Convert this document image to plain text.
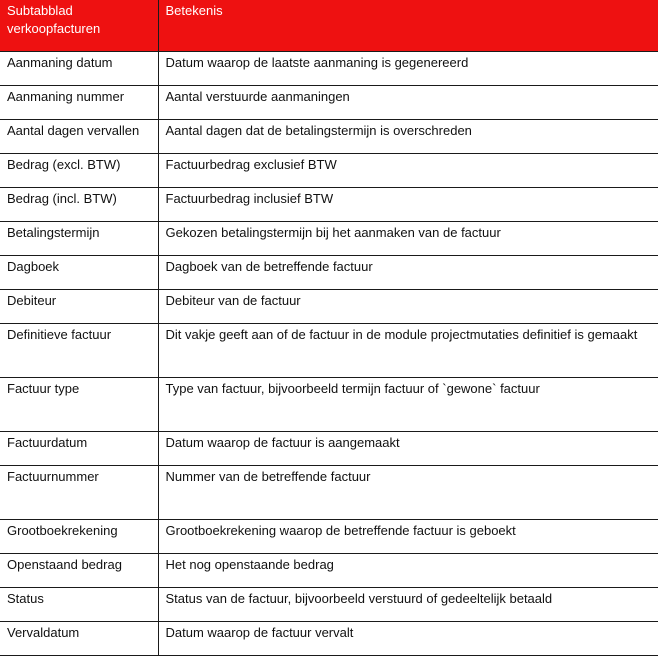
Subtabblad verkoopfacturen	Betekenis
Aanmaning datum	Datum waarop de laatste aanmaning is gegenereerd
Aanmaning nummer	Aantal verstuurde aanmaningen
Aantal dagen vervallen	Aantal dagen dat de betalingstermijn is overschreden
Bedrag (excl. BTW)	Factuurbedrag exclusief BTW
Bedrag (incl. BTW)	Factuurbedrag inclusief BTW
Betalingstermijn	Gekozen betalingstermijn bij het aanmaken van de factuur
Dagboek	Dagboek van de betreffende factuur
Debiteur	Debiteur van de factuur
Definitieve factuur	Dit vakje geeft aan of de factuur in de module projectmutaties definitief is gemaakt
Factuur type	Type van factuur, bijvoorbeeld termijn factuur of `gewone` factuur
Factuurdatum	Datum waarop de factuur is aangemaakt
Factuurnummer	Nummer van de betreffende factuur
Grootboekrekening	Grootboekrekening waarop de betreffende factuur is geboekt
Openstaand bedrag	Het nog openstaande bedrag
Status	Status van de factuur, bijvoorbeeld verstuurd of gedeeltelijk betaald
Vervaldatum	Datum waarop de factuur vervalt
